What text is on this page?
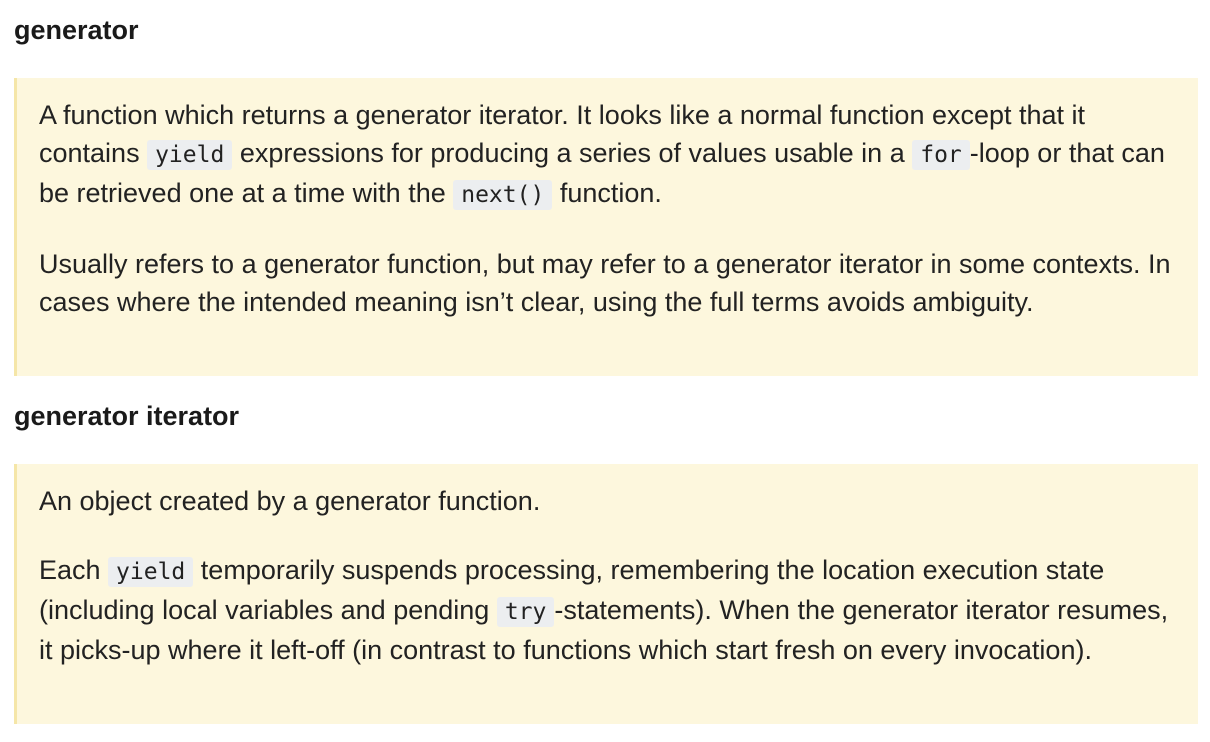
generator

A function which returns a generator iterator. It looks like a normal function except that it contains yield expressions for producing a series of values usable in a for -loop or that can be retrieved one at a time with the next() function.

Usually refers to a generator function, but may refer to a generator iterator in some contexts. In cases where the intended meaning isn’t clear, using the full terms avoids ambiguity.

generator iterator

An object created by a generator function.

Each yield temporarily suspends processing, remembering the location execution state (including local variables and pending try -statements). When the generator iterator resumes, it picks-up where it left-off (in contrast to functions which start fresh on every invocation).
